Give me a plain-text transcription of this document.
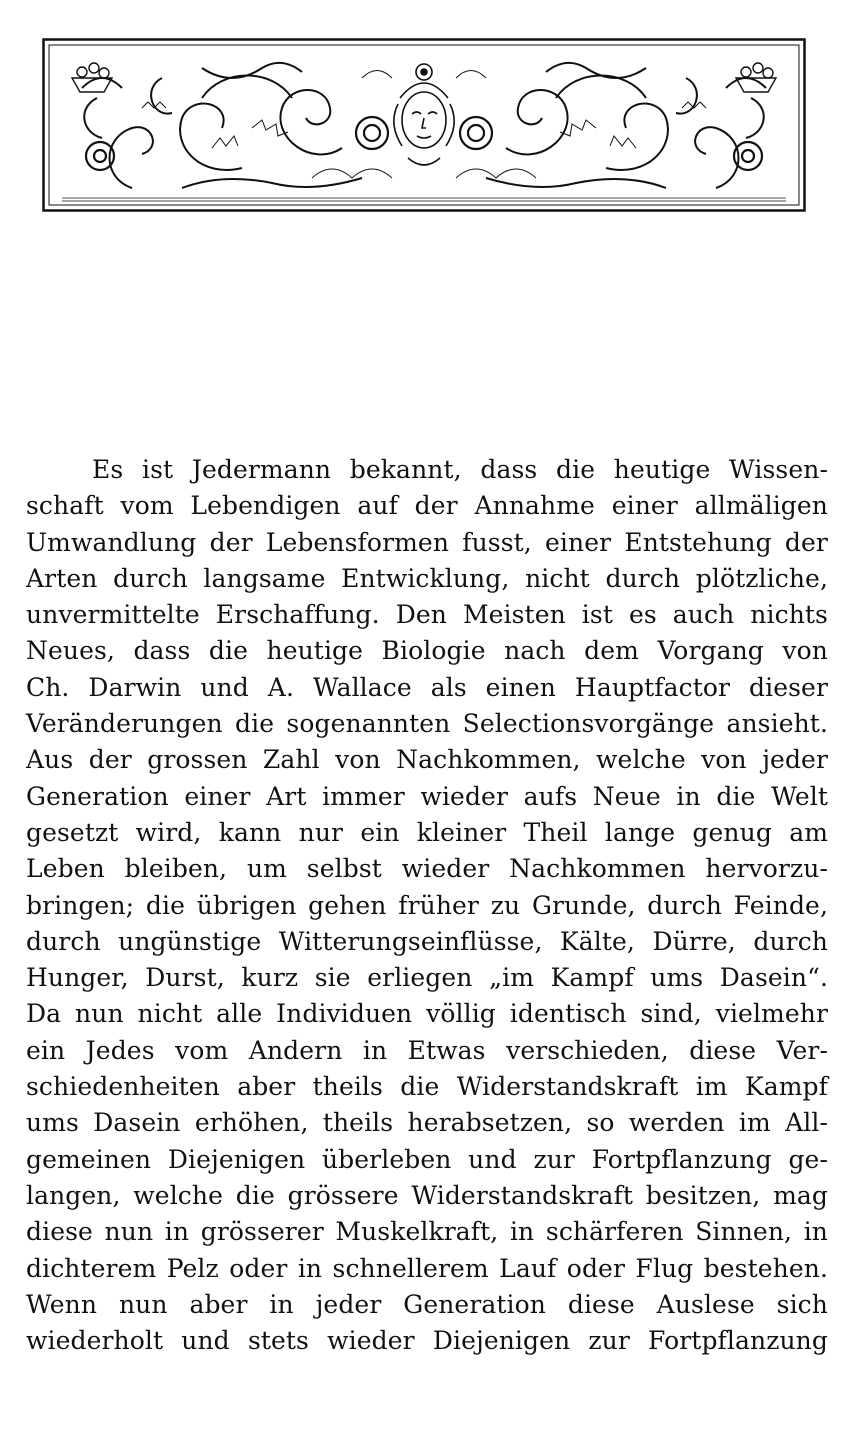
Es ist Jedermann bekannt, dass die heutige Wissen-
schaft vom Lebendigen auf der Annahme einer allmäligen
Umwandlung der Lebensformen fusst, einer Entstehung der
Arten durch langsame Entwicklung, nicht durch plötzliche,
unvermittelte Erschaffung. Den Meisten ist es auch nichts
Neues, dass die heutige Biologie nach dem Vorgang von
Ch. Darwin und A. Wallace als einen Hauptfactor dieser
Veränderungen die sogenannten Selectionsvorgänge ansieht.
Aus der grossen Zahl von Nachkommen, welche von jeder
Generation einer Art immer wieder aufs Neue in die Welt
gesetzt wird, kann nur ein kleiner Theil lange genug am
Leben bleiben, um selbst wieder Nachkommen hervorzu-
bringen; die übrigen gehen früher zu Grunde, durch Feinde,
durch ungünstige Witterungseinflüsse, Kälte, Dürre, durch
Hunger, Durst, kurz sie erliegen „im Kampf ums Dasein“.
Da nun nicht alle Individuen völlig identisch sind, vielmehr
ein Jedes vom Andern in Etwas verschieden, diese Ver-
schiedenheiten aber theils die Widerstandskraft im Kampf
ums Dasein erhöhen, theils herabsetzen, so werden im All-
gemeinen Diejenigen überleben und zur Fortpflanzung ge-
langen, welche die grössere Widerstandskraft besitzen, mag
diese nun in grösserer Muskelkraft, in schärferen Sinnen, in
dichterem Pelz oder in schnellerem Lauf oder Flug bestehen.
Wenn nun aber in jeder Generation diese Auslese sich
wiederholt und stets wieder Diejenigen zur Fortpflanzung
